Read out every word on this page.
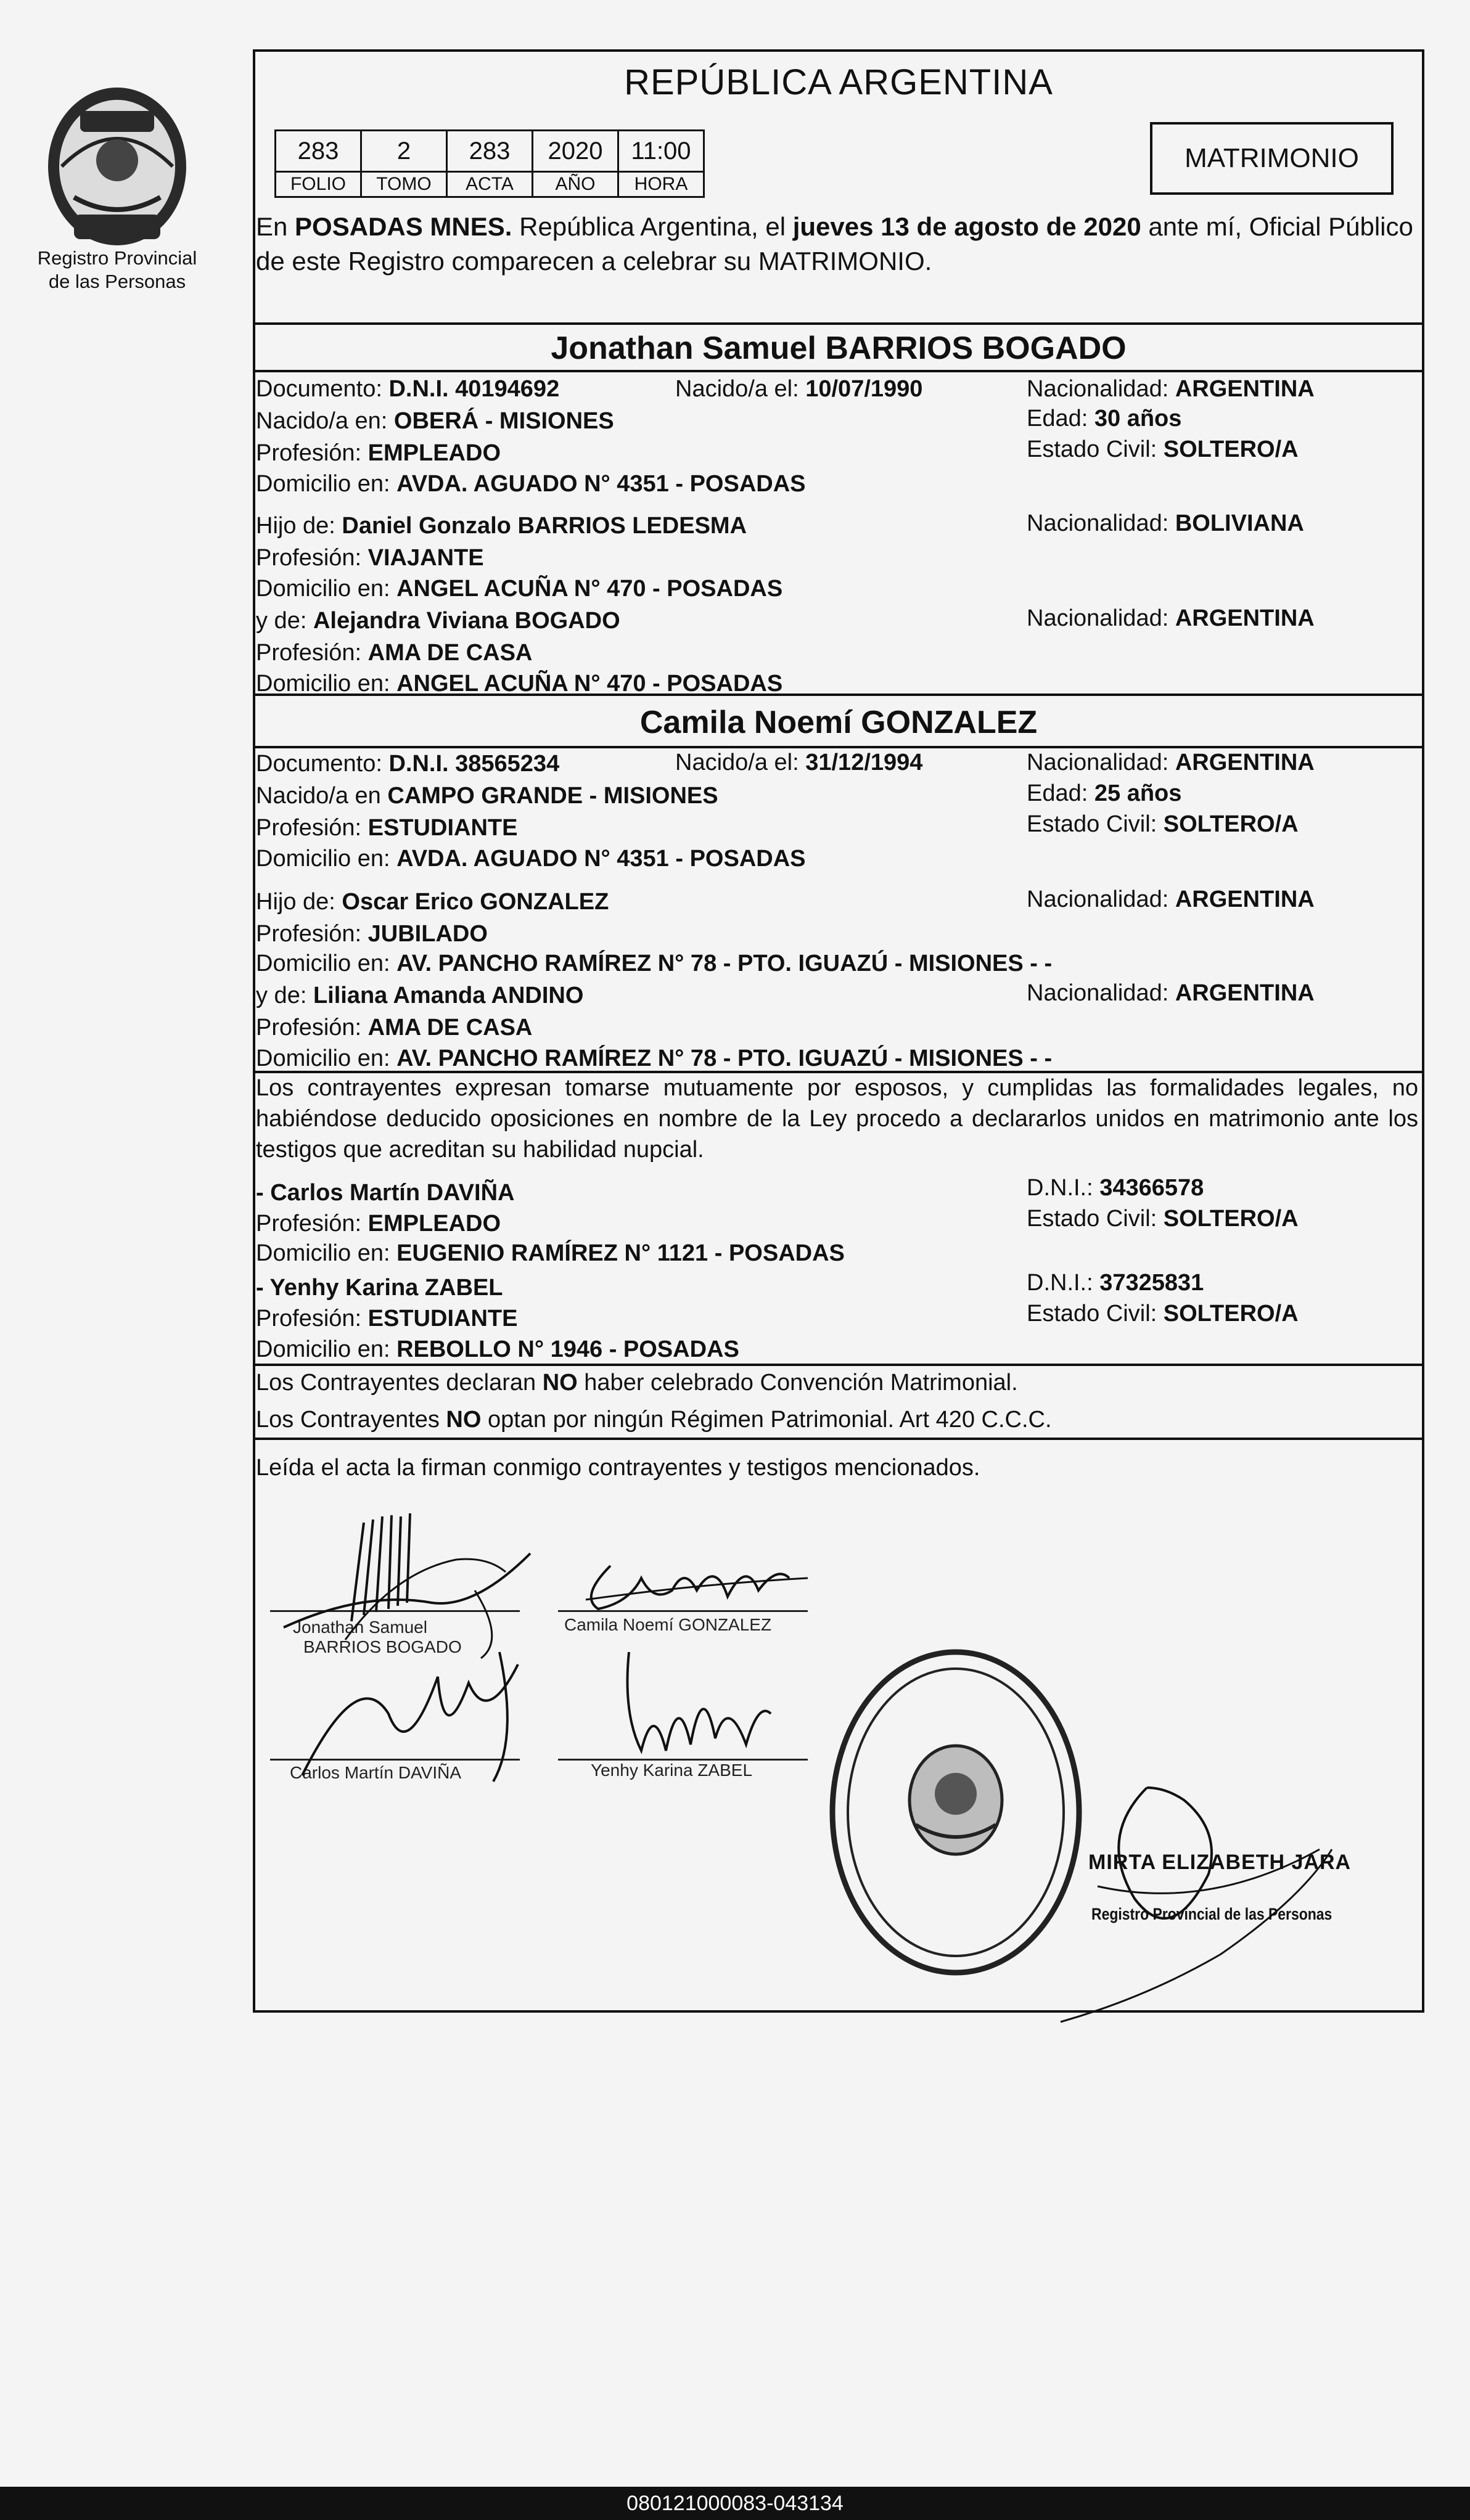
Registro Provincial
de las Personas
REPÚBLICA ARGENTINA
283	2	283	2020	11:00
FOLIO	TOMO	ACTA	AÑO	HORA
MATRIMONIO
En POSADAS MNES. República Argentina, el jueves 13 de agosto de 2020 ante mí, Oficial Público de este Registro comparecen a celebrar su MATRIMONIO.
Jonathan Samuel BARRIOS BOGADO
Documento: D.N.I. 40194692	Nacido/a el: 10/07/1990	Nacionalidad: ARGENTINA
Nacido/a en: OBERÁ - MISIONES	Edad: 30 años
Profesión: EMPLEADO	Estado Civil: SOLTERO/A
Domicilio en: AVDA. AGUADO N° 4351 - POSADAS
Hijo de: Daniel Gonzalo BARRIOS LEDESMA	Nacionalidad: BOLIVIANA
Profesión: VIAJANTE
Domicilio en: ANGEL ACUÑA N° 470 - POSADAS
y de: Alejandra Viviana BOGADO	Nacionalidad: ARGENTINA
Profesión: AMA DE CASA
Domicilio en: ANGEL ACUÑA N° 470 - POSADAS
Camila Noemí GONZALEZ
Documento: D.N.I. 38565234	Nacido/a el: 31/12/1994	Nacionalidad: ARGENTINA
Nacido/a en CAMPO GRANDE - MISIONES	Edad: 25 años
Profesión: ESTUDIANTE	Estado Civil: SOLTERO/A
Domicilio en: AVDA. AGUADO N° 4351 - POSADAS
Hijo de: Oscar Erico GONZALEZ	Nacionalidad: ARGENTINA
Profesión: JUBILADO
Domicilio en: AV. PANCHO RAMÍREZ N° 78 - PTO. IGUAZÚ - MISIONES - -
y de: Liliana Amanda ANDINO	Nacionalidad: ARGENTINA
Profesión: AMA DE CASA
Domicilio en: AV. PANCHO RAMÍREZ N° 78 - PTO. IGUAZÚ - MISIONES - -
Los contrayentes expresan tomarse mutuamente por esposos, y cumplidas las formalidades legales, no habiéndose deducido oposiciones en nombre de la Ley procedo a declararlos unidos en matrimonio ante los testigos que acreditan su habilidad nupcial.
- Carlos Martín DAVIÑA	D.N.I.: 34366578
Profesión: EMPLEADO	Estado Civil: SOLTERO/A
Domicilio en: EUGENIO RAMÍREZ N° 1121 - POSADAS
- Yenhy Karina ZABEL	D.N.I.: 37325831
Profesión: ESTUDIANTE	Estado Civil: SOLTERO/A
Domicilio en: REBOLLO N° 1946 - POSADAS
Los Contrayentes declaran NO haber celebrado Convención Matrimonial.
Los Contrayentes NO optan por ningún Régimen Patrimonial. Art 420 C.C.C.
Leída el acta la firman conmigo contrayentes y testigos mencionados.
Jonathan Samuel
BARRIOS BOGADO
Camila Noemí GONZALEZ
Carlos Martín DAVIÑA	Yenhy Karina ZABEL
MIRTA ELIZABETH JARA
Registro Provincial de las Personas
080121000083-043134
